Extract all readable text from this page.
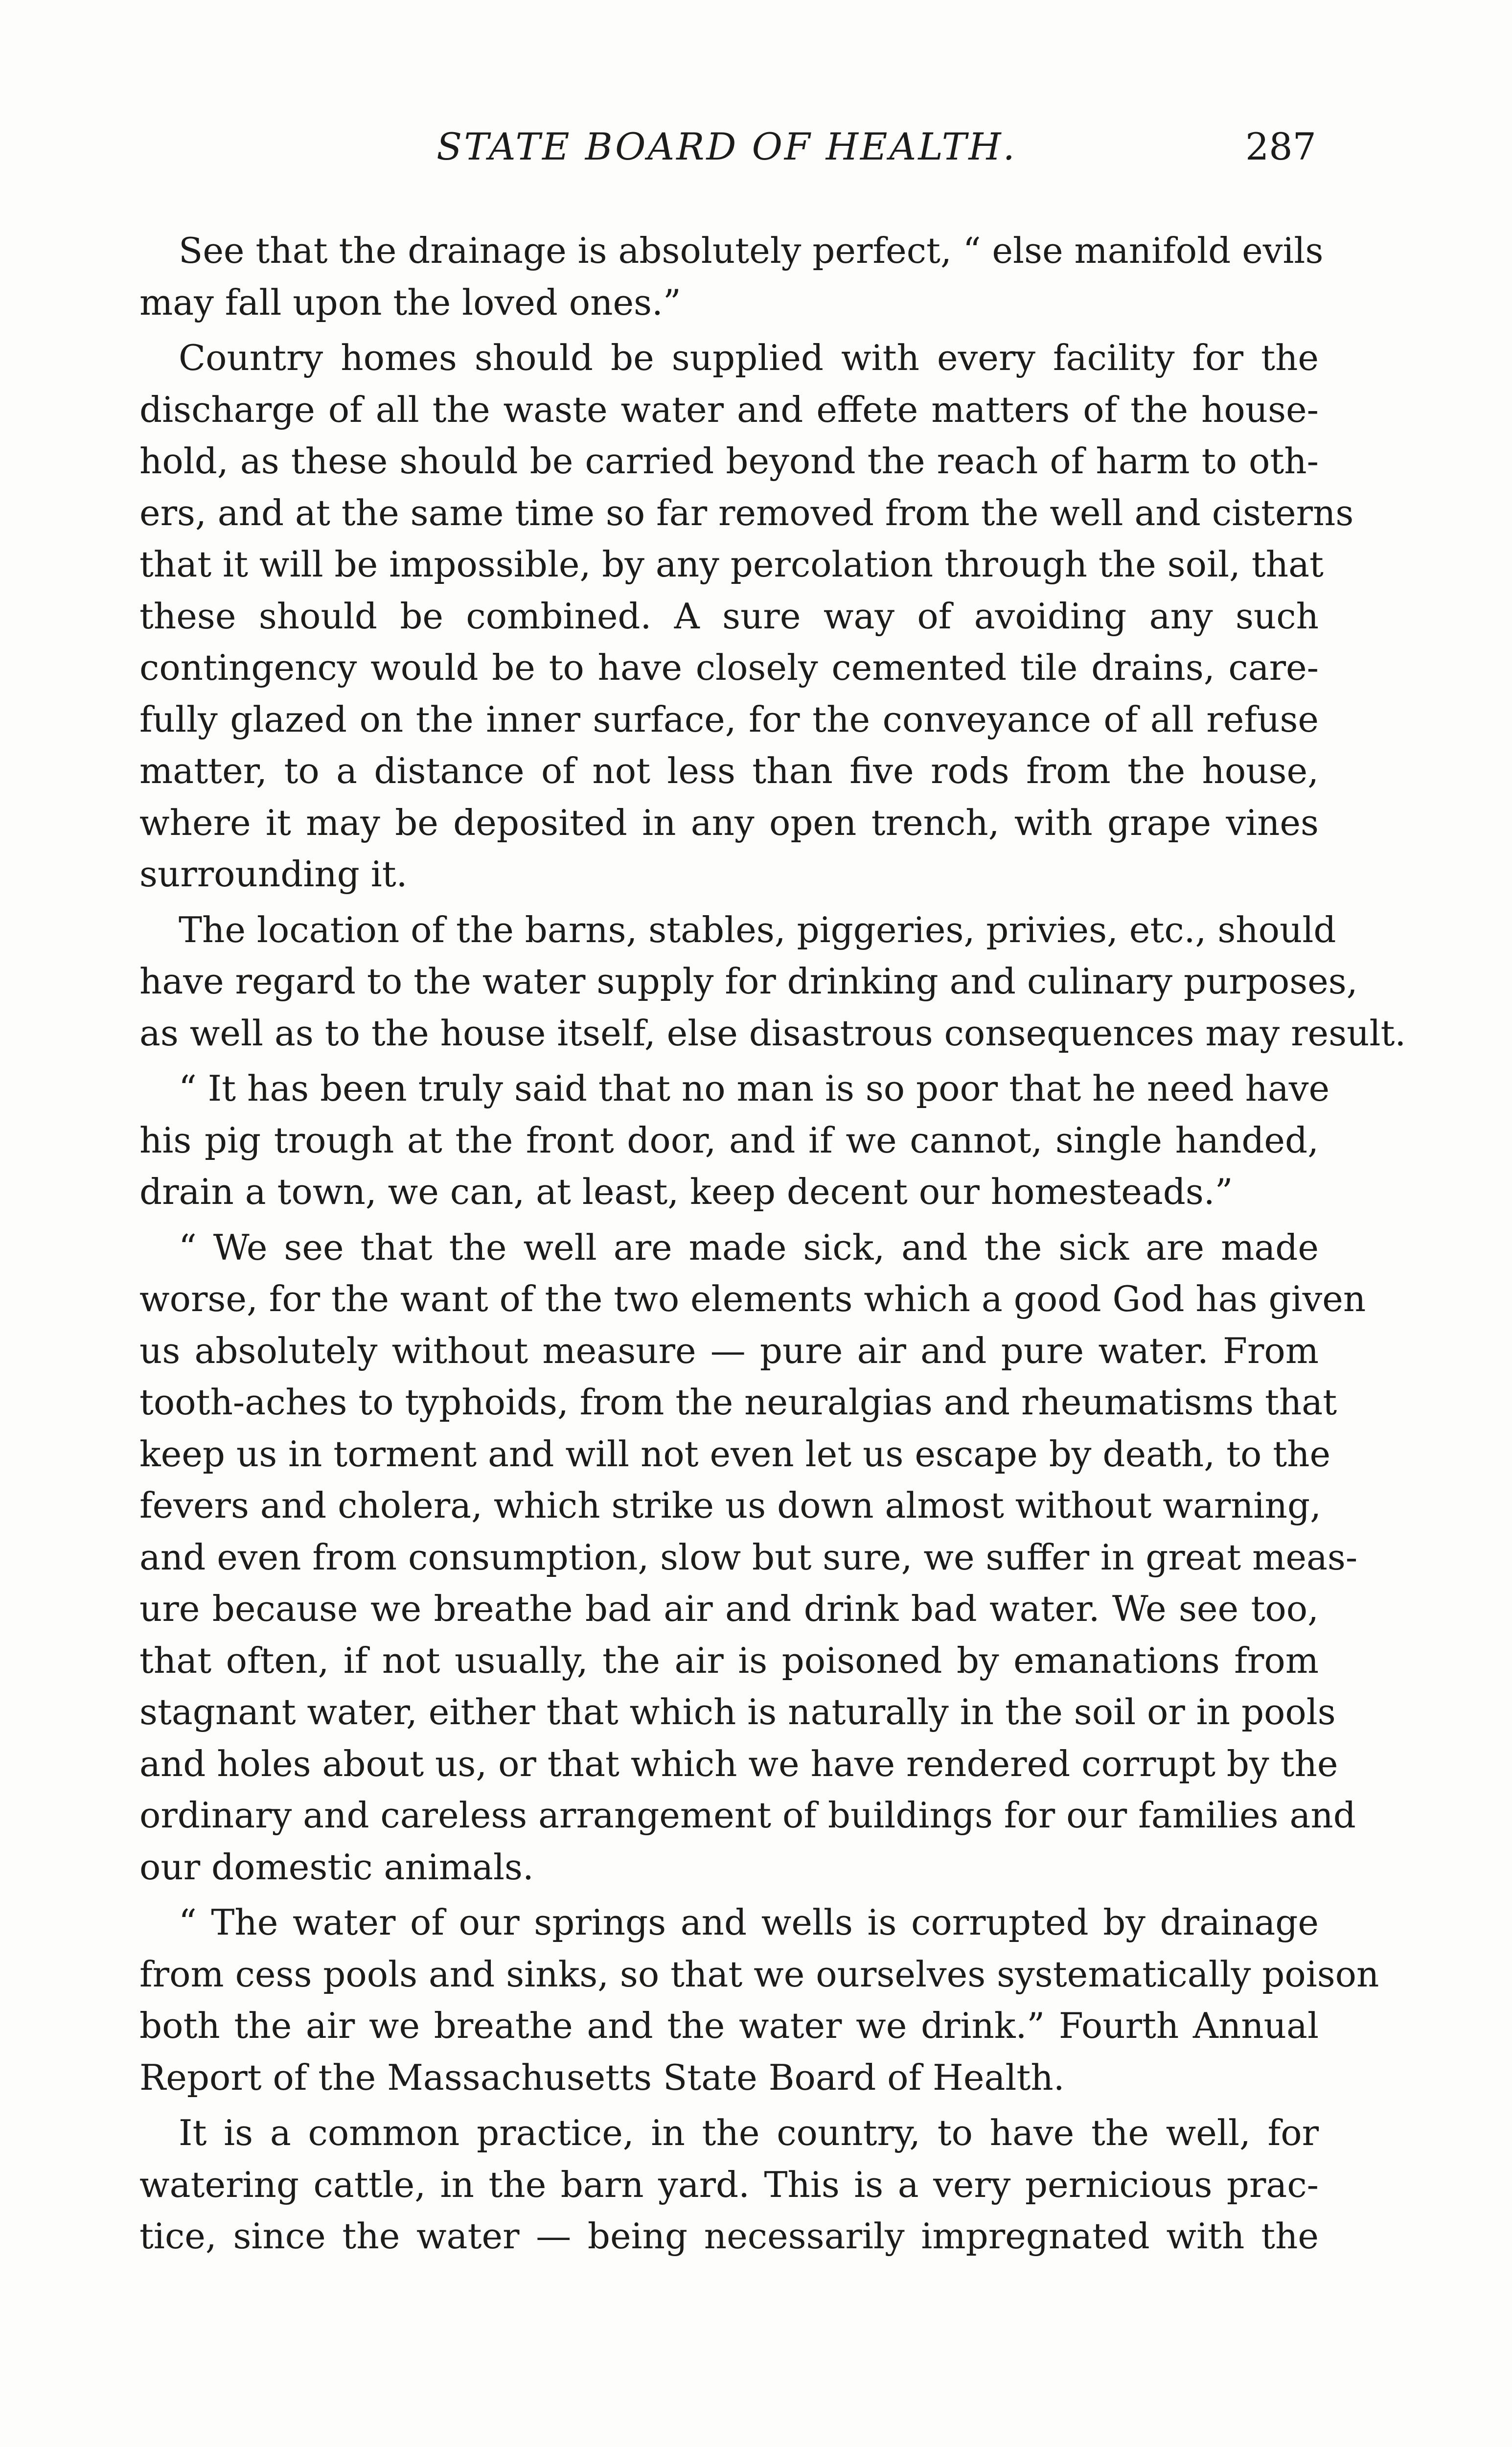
STATE BOARD OF HEALTH.	287

See that the drainage is absolutely perfect, “ else manifold evils
may fall upon the loved ones.”

Country homes should be supplied with every facility for the
discharge of all the waste water and effete matters of the house-
hold, as these should be carried beyond the reach of harm to oth-
ers, and at the same time so far removed from the well and cisterns
that it will be impossible, by any percolation through the soil, that
these should be combined. A sure way of avoiding any such
contingency would be to have closely cemented tile drains, care-
fully glazed on the inner surface, for the conveyance of all refuse
matter, to a distance of not less than five rods from the house,
where it may be deposited in any open trench, with grape vines
surrounding it.

The location of the barns, stables, piggeries, privies, etc., should
have regard to the water supply for drinking and culinary purposes,
as well as to the house itself, else disastrous consequences may result.

“ It has been truly said that no man is so poor that he need have
his pig trough at the front door, and if we cannot, single handed,
drain a town, we can, at least, keep decent our homesteads.”

“ We see that the well are made sick, and the sick are made
worse, for the want of the two elements which a good God has given
us absolutely without measure — pure air and pure water. From
tooth-aches to typhoids, from the neuralgias and rheumatisms that
keep us in torment and will not even let us escape by death, to the
fevers and cholera, which strike us down almost without warning,
and even from consumption, slow but sure, we suffer in great meas-
ure because we breathe bad air and drink bad water. We see too,
that often, if not usually, the air is poisoned by emanations from
stagnant water, either that which is naturally in the soil or in pools
and holes about us, or that which we have rendered corrupt by the
ordinary and careless arrangement of buildings for our families and
our domestic animals.

“ The water of our springs and wells is corrupted by drainage
from cess pools and sinks, so that we ourselves systematically poison
both the air we breathe and the water we drink.” Fourth Annual
Report of the Massachusetts State Board of Health.

It is a common practice, in the country, to have the well, for
watering cattle, in the barn yard. This is a very pernicious prac-
tice, since the water — being necessarily impregnated with the
